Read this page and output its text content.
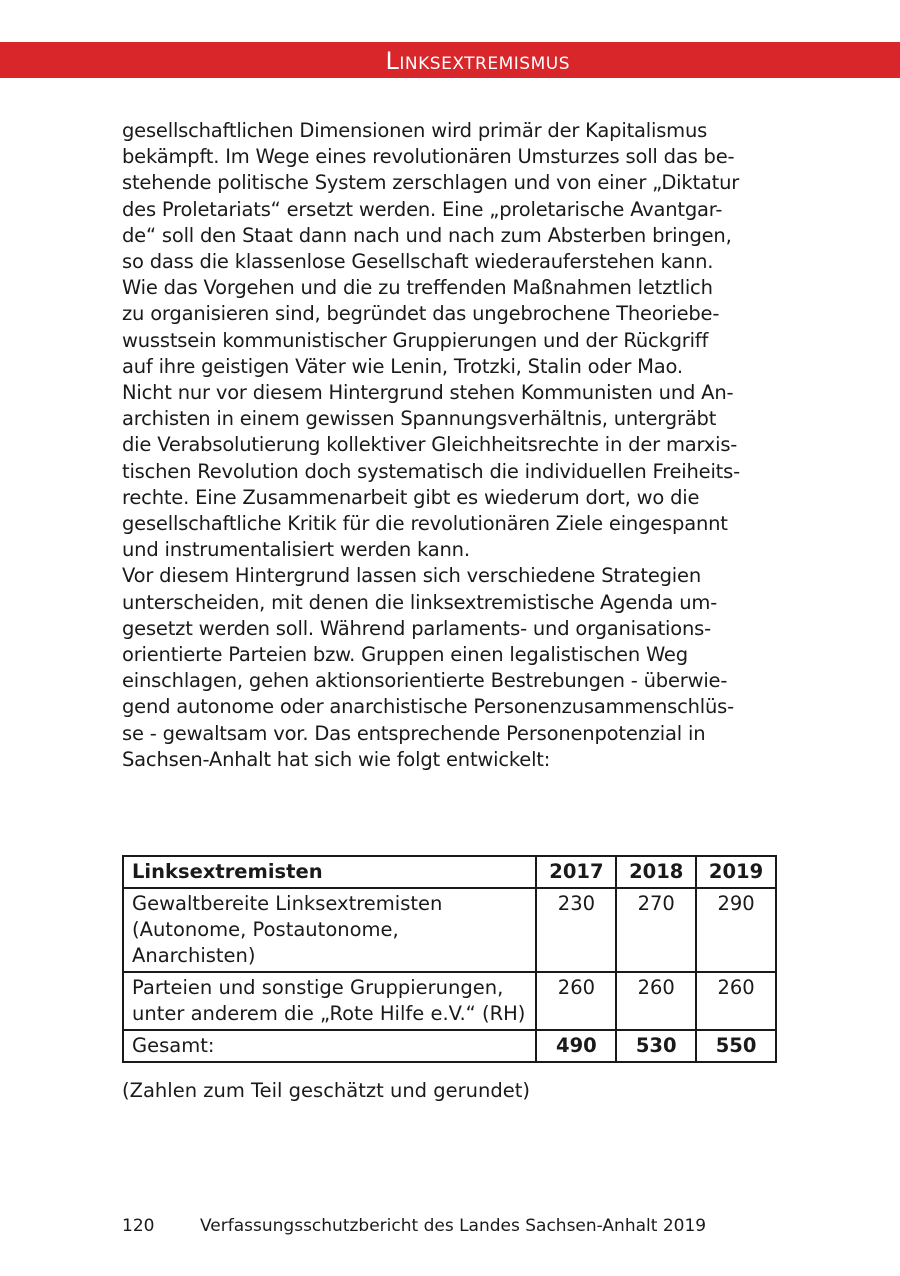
Linksextremismus
gesellschaftlichen Dimensionen wird primär der Kapitalismus
bekämpft. Im Wege eines revolutionären Umsturzes soll das be-
stehende politische System zerschlagen und von einer „Diktatur
des Proletariats“ ersetzt werden. Eine „proletarische Avantgar-
de“ soll den Staat dann nach und nach zum Absterben bringen,
so dass die klassenlose Gesellschaft wiederauferstehen kann.
Wie das Vorgehen und die zu treffenden Maßnahmen letztlich
zu organisieren sind, begründet das ungebrochene Theoriebe-
wusstsein kommunistischer Gruppierungen und der Rückgriff
auf ihre geistigen Väter wie Lenin, Trotzki, Stalin oder Mao.
Nicht nur vor diesem Hintergrund stehen Kommunisten und An-
archisten in einem gewissen Spannungsverhältnis, untergräbt
die Verabsolutierung kollektiver Gleichheitsrechte in der marxis-
tischen Revolution doch systematisch die individuellen Freiheits-
rechte. Eine Zusammenarbeit gibt es wiederum dort, wo die
gesellschaftliche Kritik für die revolutionären Ziele eingespannt
und instrumentalisiert werden kann.
Vor diesem Hintergrund lassen sich verschiedene Strategien
unterscheiden, mit denen die linksextremistische Agenda um-
gesetzt werden soll. Während parlaments- und organisations-
orientierte Parteien bzw. Gruppen einen legalistischen Weg
einschlagen, gehen aktionsorientierte Bestrebungen - überwie-
gend autonome oder anarchistische Personenzusammenschlüs-
se - gewaltsam vor. Das entsprechende Personenpotenzial in
Sachsen-Anhalt hat sich wie folgt entwickelt:
Linksextremisten	2017	2018	2019
Gewaltbereite Linksextremisten
(Autonome, Postautonome,
Anarchisten)	230	270	290
Parteien und sonstige Gruppierungen,
unter anderem die „Rote Hilfe e.V.“ (RH)	260	260	260
Gesamt:	490	530	550
(Zahlen zum Teil geschätzt und gerundet)
120	Verfassungsschutzbericht des Landes Sachsen-Anhalt 2019
